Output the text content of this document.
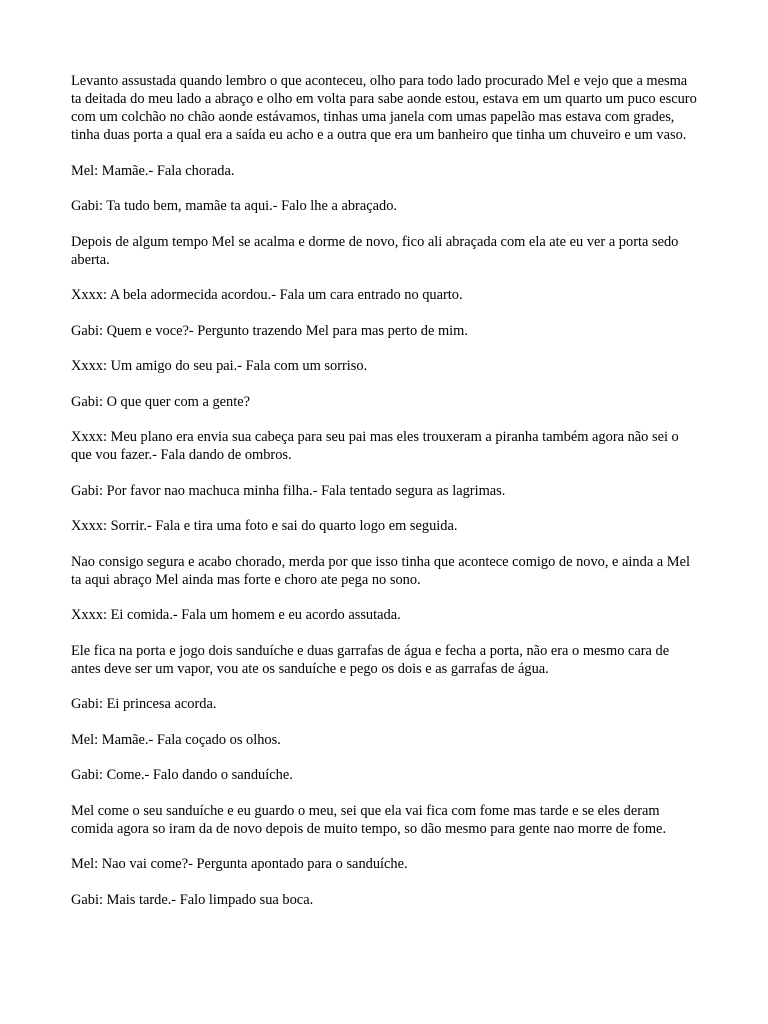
Levanto assustada quando lembro o que aconteceu, olho para todo lado procurado Mel e vejo que a mesma ta deitada do meu lado a abraço e olho em volta para sabe aonde estou, estava em um quarto um puco escuro com um colchão no chão aonde estávamos, tinhas uma janela com umas papelão mas estava com grades, tinha duas porta a qual era a saída eu acho e a outra que era um banheiro que tinha um chuveiro e um vaso.

Mel: Mamãe.- Fala chorada.

Gabi: Ta tudo bem, mamãe ta aqui.- Falo lhe a abraçado.

Depois de algum tempo Mel se acalma e dorme de novo, fico ali abraçada com ela ate eu ver a porta sedo aberta.

Xxxx: A bela adormecida acordou.- Fala um cara entrado no quarto.

Gabi: Quem e voce?- Pergunto trazendo Mel para mas perto de mim.

Xxxx: Um amigo do seu pai.- Fala com um sorriso.

Gabi: O que quer com a gente?

Xxxx: Meu plano era envia sua cabeça para seu pai mas eles trouxeram a piranha também agora não sei o que vou fazer.- Fala dando de ombros.

Gabi: Por favor nao machuca minha filha.- Fala tentado segura as lagrimas.

Xxxx: Sorrir.- Fala e tira uma foto e sai do quarto logo em seguida.

Nao consigo segura e acabo chorado, merda por que isso tinha que acontece comigo de novo, e ainda a Mel ta aqui abraço Mel ainda mas forte e choro ate pega no sono.

Xxxx: Ei comida.- Fala um homem e eu acordo assutada.

Ele fica na porta e jogo dois sanduíche e duas garrafas de água e fecha a porta, não era o mesmo cara de antes deve ser um vapor, vou ate os sanduíche e pego os dois e as garrafas de água.

Gabi: Ei princesa acorda.

Mel: Mamãe.- Fala coçado os olhos.

Gabi: Come.- Falo dando o sanduíche.

Mel come o seu sanduíche e eu guardo o meu, sei que ela vai fica com fome mas tarde e se eles deram comida agora so iram da de novo depois de muito tempo, so dão mesmo para gente nao morre de fome.

Mel: Nao vai come?- Pergunta apontado para o sanduíche.

Gabi: Mais tarde.- Falo limpado sua boca.
